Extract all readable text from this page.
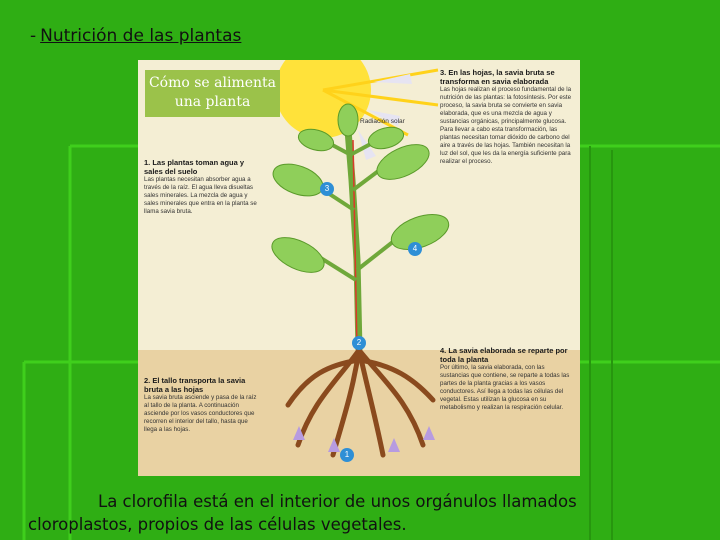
- Nutrición de las plantas
1
2
3
4
1. Las plantas toman agua y sales del suelo
Las plantas necesitan absorber agua a través de la raíz. El agua lleva disueltas sales minerales. La mezcla de agua y sales minerales que entra en la planta se llama savia bruta.
2. El tallo transporta la savia bruta a las hojas
La savia bruta asciende y pasa de la raíz al tallo de la planta. A continuación asciende por los vasos conductores que recorren el interior del tallo, hasta que llega a las hojas.
3. En las hojas, la savia bruta se transforma en savia elaborada
Las hojas realizan el proceso fundamental de la nutrición de las plantas: la fotosíntesis. Por este proceso, la savia bruta se convierte en savia elaborada, que es una mezcla de agua y sustancias orgánicas, principalmente glucosa. Para llevar a cabo esta transformación, las plantas necesitan tomar dióxido de carbono del aire a través de las hojas. También necesitan la luz del sol, que les da la energía suficiente para realizar el proceso.
4. La savia elaborada se reparte por toda la planta
Por último, la savia elaborada, con las sustancias que contiene, se reparte a todas las partes de la planta gracias a los vasos conductores. Así llega a todas las células del vegetal. Estas utilizan la glucosa en su metabolismo y realizan la respiración celular.
Radiación solar
Cómo se alimenta una planta
La clorofila está en el interior de unos orgánulos llamados
cloroplastos, propios de las células vegetales.
